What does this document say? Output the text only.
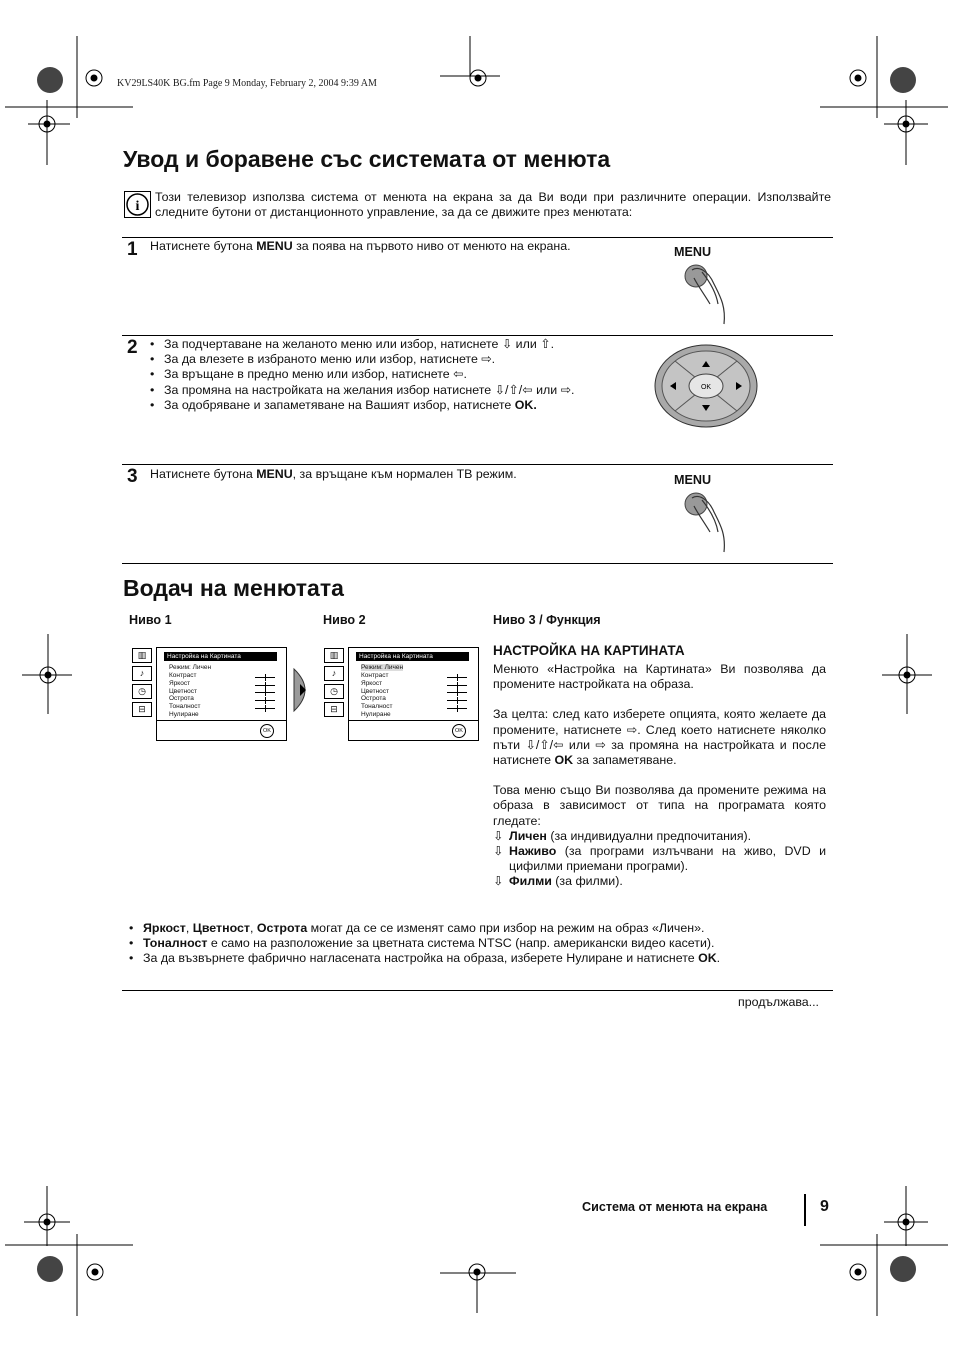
KV29LS40K BG.fm Page 9 Monday, February 2, 2004 9:39 AM
Увод и боравене със системата от менюта
i
Този телевизор използва система от менюта на екрана за да Ви води при различните операции. Използвайте следните бутони от дистанционното управление, за да се движите през менютата:
1 Натиснете бутона MENU за поява на първото ниво от менюто на екрана.	MENU
2
•	За подчертаване на желаното меню или избор, натиснете ⇩ или ⇧.
• За да влезете в избраното меню или избор, натиснете ⇨.
• За връщане в предно меню или избор, натиснете ⇦.
• За промяна на настройката на желания избор натиснете ⇩/⇧/⇦ или ⇨.
• За одобряване и запаметяване на Вашият избор, натиснете OK.
OK
3 Натиснете бутона MENU, за връщане към нормален ТВ режим.	MENU
Водач на менютата
Ниво 1	Ниво 2	Ниво 3 / Функция
▥
♪
◷
⊟
Настройка на Картината
Режим: Личен
Контраст
Яркост
Цветност
Острота
Тоналност
Нулиране
OK
▥
♪
◷
⊟
Настройка на Картината
Режим: Личен
Контраст
Яркост
Цветност
Острота
Тоналност
Нулиране
OK
НАСТРОЙКА НА КАРТИНАТА
Менюто «Настройка на Картината» Ви позволява да промените настройката на образа.
За целта: след като изберете опцията, която желаете да промените, натиснете ⇨. След което натиснете няколко пъти ⇩/⇧/⇦ или ⇨ за промяна на настройката и после натиснете OK за запаметяване.
Това меню също Ви позволява да промените режима на образа в зависимост от типа на програмата която гледате:
⇩ Личен (за индивидуални предпочитания).
⇩ Наживо (за програми излъчвани на живо, DVD и цифилми приемани програми).
⇩ Филми (за филми).
• Яркост, Цветност, Острота могат да се се изменят само при избор на режим на образ «Личен».
• Тоналност е само на разположение за цветната система NTSC (напр. американски видео касети).
• За да възвърнете фабрично нагласената настройка на образа, изберете Нулиране и натиснете OK.
продължава...
Система от менюта на екрана	9
